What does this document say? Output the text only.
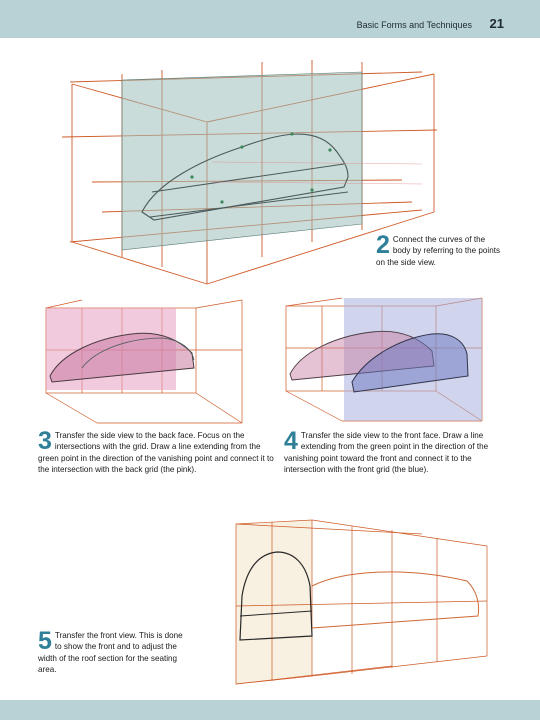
Basic Forms and Techniques 21
2 Connect the curves of the body by referring to the points on the side view.
3 Transfer the side view to the back face. Focus on the intersections with the grid. Draw a line extending from the green point in the direction of the vanishing point and connect it to the intersection with the back grid (the pink).
4 Transfer the side view to the front face. Draw a line extending from the green point in the direction of the vanishing point toward the front and connect it to the intersection with the front grid (the blue).
5 Transfer the front view. This is done to show the front and to adjust the width of the roof section for the seating area.
